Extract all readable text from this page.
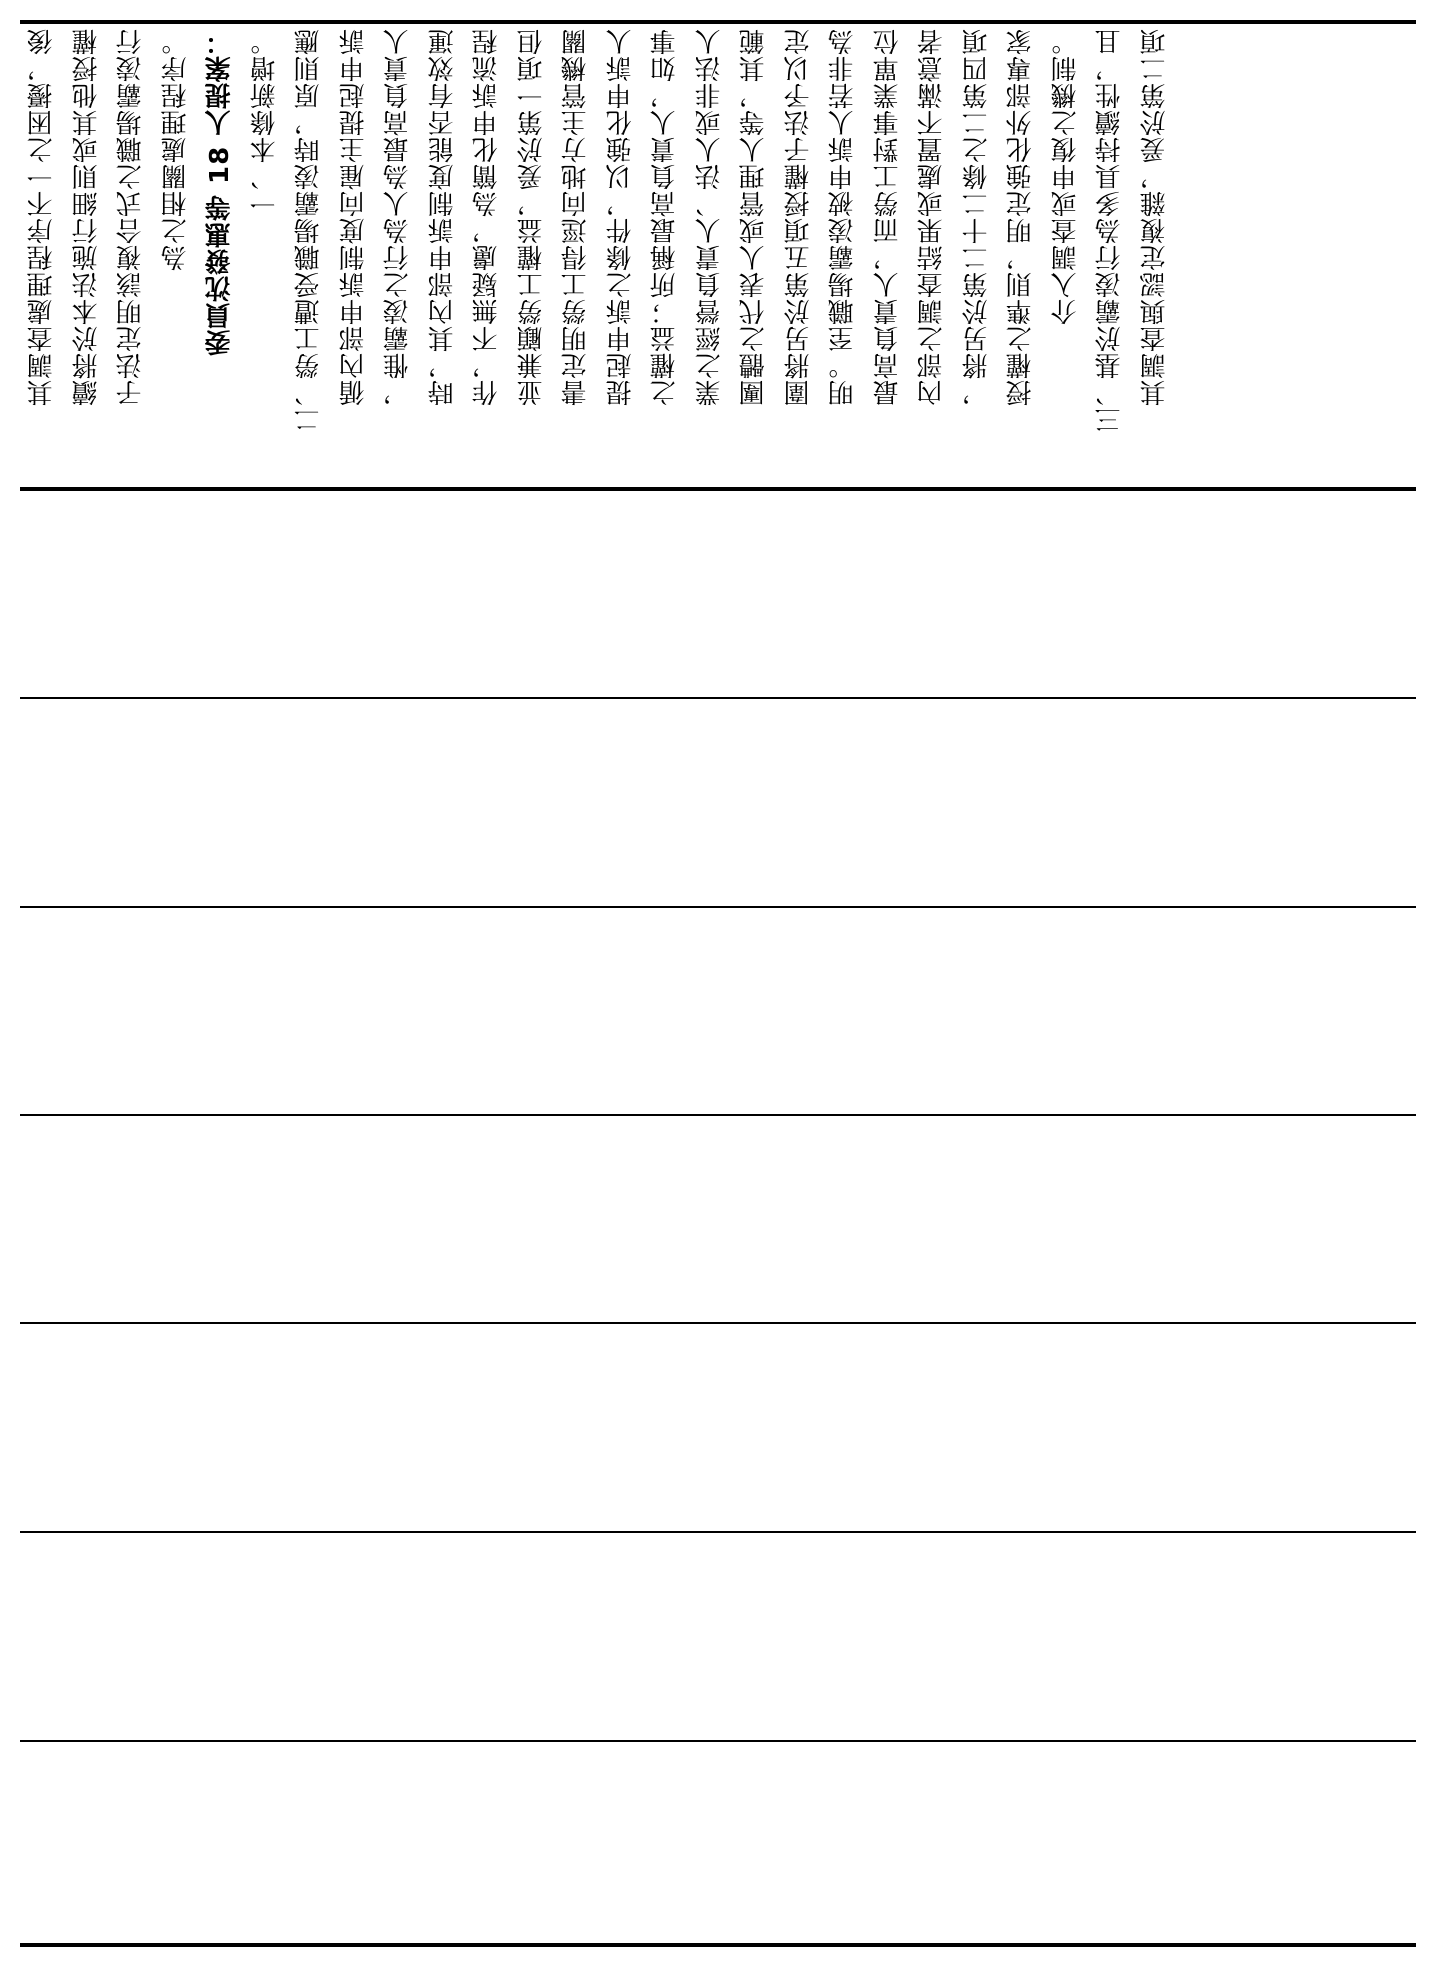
其調查處理程序不一之困擾，後 續將於本法施行細則或其他授權 子法定明該複合式之職場霸凌行 為之相關處理程序。 委員沈發惠等 18 人提案： 一、本條新增。 二、勞工遭受職場霸凌時，原則應 循內部申訴制度向雇主提起申訴 ，惟霸凌之行為人為最高負責人 時，其內部申訴制度能否有效運 作，不無疑慮，為簡化申訴流程 並兼顧勞工權益，爰於第一項但 書定明勞工得逕向地方主管機關 提起申訴之條件，以強化申訴人 之權益；所稱最高負責人，如事 業之經營負責人、法人或非法人 團體之代表人或管理人等，其範 圍將另於第五項授權子法予以定 明。至職場霸凌被申訴人若非為 最高負責人，而勞工對事業單位 內部之調查結果或處置不滿意者 ，將另於第二十二條之二第四項 授權之準則，明定強化外部專家 介入調查或申復之機制。 三、基於霸凌行為多具持續性，且 其調查與認定複雜，爰於第二項
